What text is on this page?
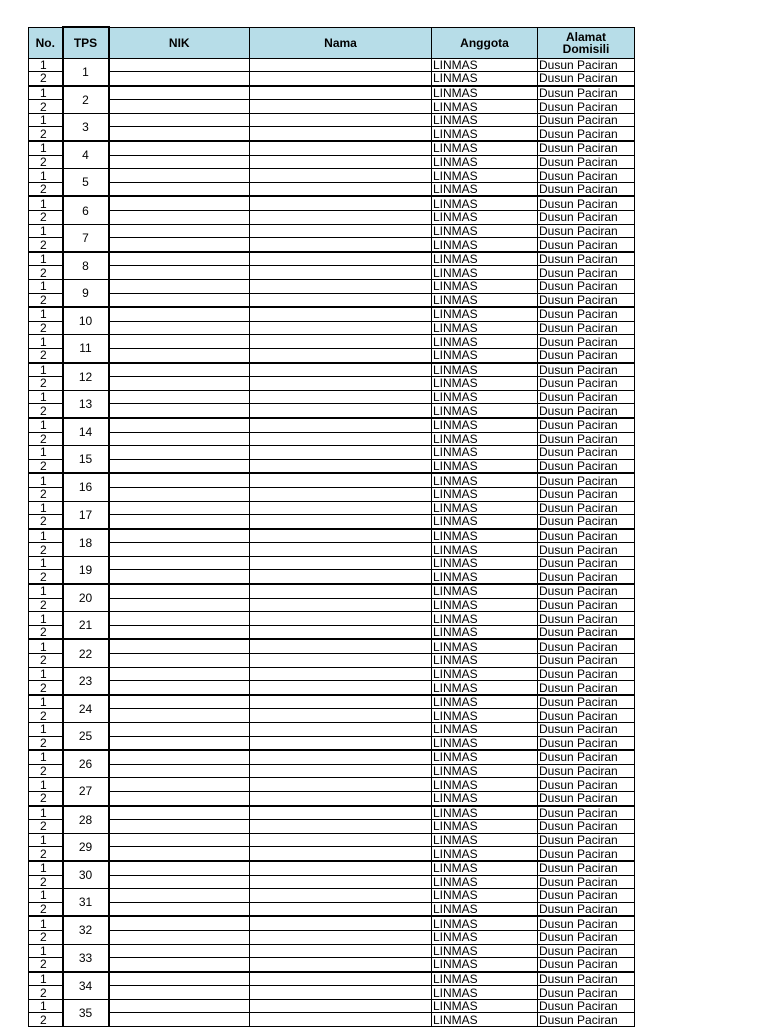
No.	TPS	NIK	Nama	Anggota	Alamat
Domisili
1	1			LINMAS	Dusun Paciran
2				LINMAS	Dusun Paciran
1	2			LINMAS	Dusun Paciran
2				LINMAS	Dusun Paciran
1	3			LINMAS	Dusun Paciran
2				LINMAS	Dusun Paciran
1	4			LINMAS	Dusun Paciran
2				LINMAS	Dusun Paciran
1	5			LINMAS	Dusun Paciran
2				LINMAS	Dusun Paciran
1	6			LINMAS	Dusun Paciran
2				LINMAS	Dusun Paciran
1	7			LINMAS	Dusun Paciran
2				LINMAS	Dusun Paciran
1	8			LINMAS	Dusun Paciran
2				LINMAS	Dusun Paciran
1	9			LINMAS	Dusun Paciran
2				LINMAS	Dusun Paciran
1	10			LINMAS	Dusun Paciran
2				LINMAS	Dusun Paciran
1	11			LINMAS	Dusun Paciran
2				LINMAS	Dusun Paciran
1	12			LINMAS	Dusun Paciran
2				LINMAS	Dusun Paciran
1	13			LINMAS	Dusun Paciran
2				LINMAS	Dusun Paciran
1	14			LINMAS	Dusun Paciran
2				LINMAS	Dusun Paciran
1	15			LINMAS	Dusun Paciran
2				LINMAS	Dusun Paciran
1	16			LINMAS	Dusun Paciran
2				LINMAS	Dusun Paciran
1	17			LINMAS	Dusun Paciran
2				LINMAS	Dusun Paciran
1	18			LINMAS	Dusun Paciran
2				LINMAS	Dusun Paciran
1	19			LINMAS	Dusun Paciran
2				LINMAS	Dusun Paciran
1	20			LINMAS	Dusun Paciran
2				LINMAS	Dusun Paciran
1	21			LINMAS	Dusun Paciran
2				LINMAS	Dusun Paciran
1	22			LINMAS	Dusun Paciran
2				LINMAS	Dusun Paciran
1	23			LINMAS	Dusun Paciran
2				LINMAS	Dusun Paciran
1	24			LINMAS	Dusun Paciran
2				LINMAS	Dusun Paciran
1	25			LINMAS	Dusun Paciran
2				LINMAS	Dusun Paciran
1	26			LINMAS	Dusun Paciran
2				LINMAS	Dusun Paciran
1	27			LINMAS	Dusun Paciran
2				LINMAS	Dusun Paciran
1	28			LINMAS	Dusun Paciran
2				LINMAS	Dusun Paciran
1	29			LINMAS	Dusun Paciran
2				LINMAS	Dusun Paciran
1	30			LINMAS	Dusun Paciran
2				LINMAS	Dusun Paciran
1	31			LINMAS	Dusun Paciran
2				LINMAS	Dusun Paciran
1	32			LINMAS	Dusun Paciran
2				LINMAS	Dusun Paciran
1	33			LINMAS	Dusun Paciran
2				LINMAS	Dusun Paciran
1	34			LINMAS	Dusun Paciran
2				LINMAS	Dusun Paciran
1	35			LINMAS	Dusun Paciran
2				LINMAS	Dusun Paciran
